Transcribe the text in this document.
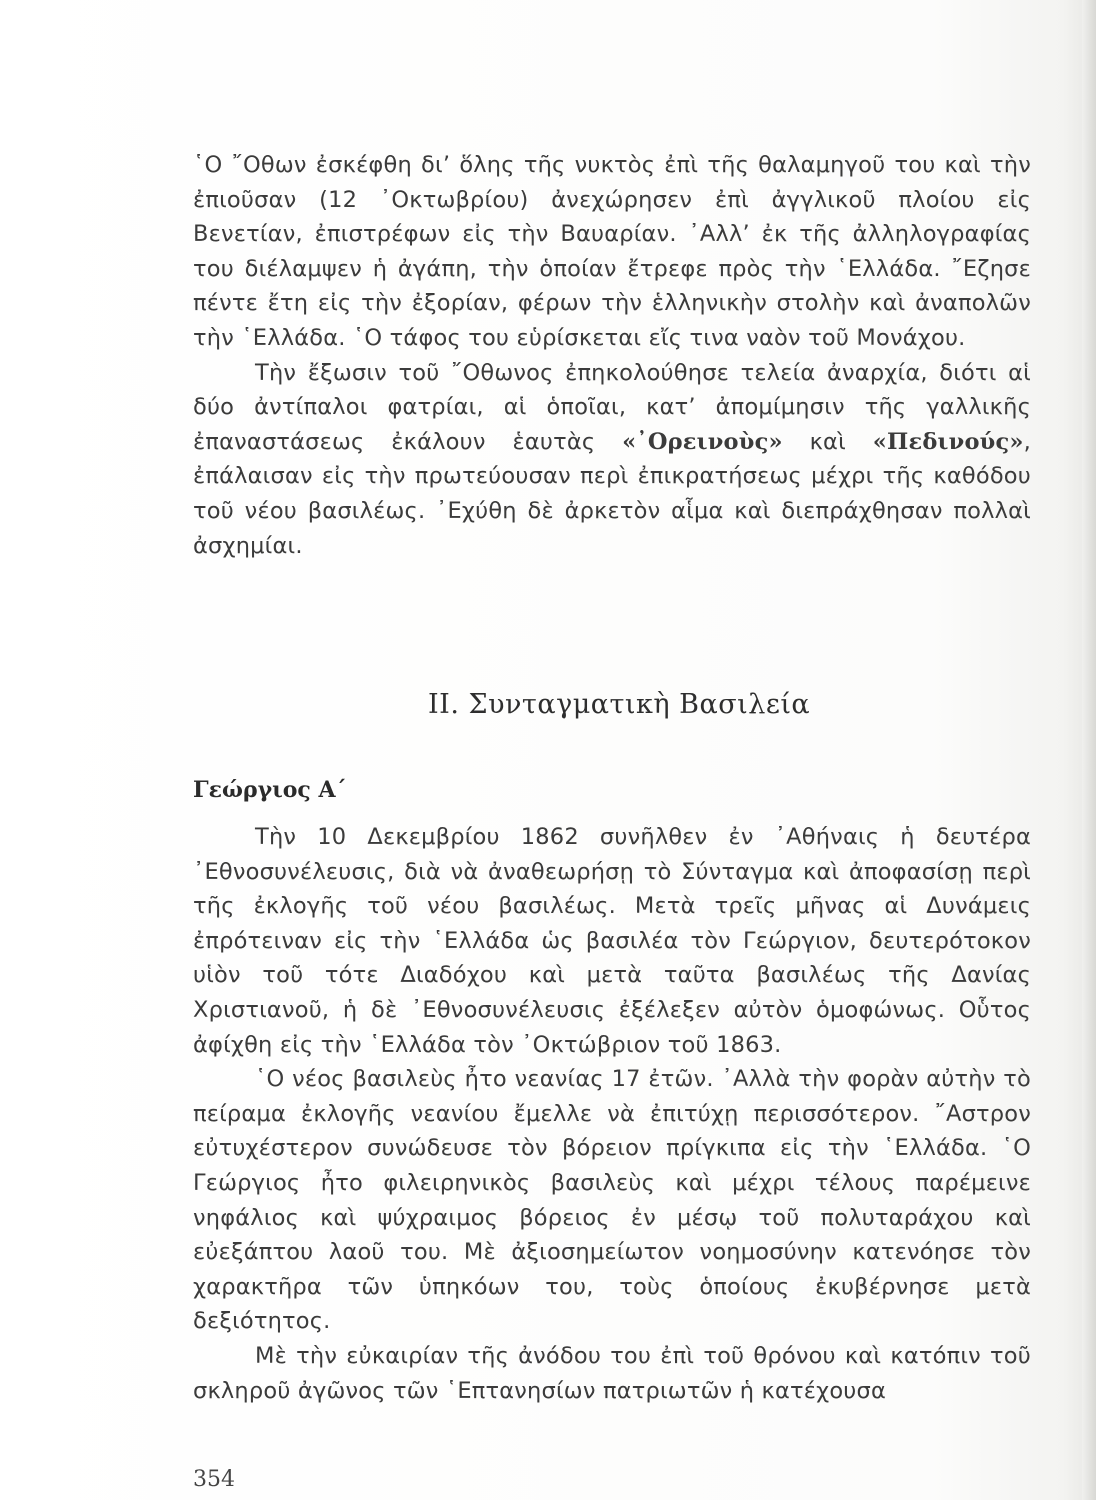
῾Ο ῎Οθων ἐσκέφθη δι’ ὅλης τῆς νυκτὸς ἐπὶ τῆς θαλαμηγοῦ του καὶ τὴν ἐπιοῦσαν (12 ᾿Οκτωβρίου) ἀνεχώρησεν ἐπὶ ἀγγλικοῦ πλοίου εἰς Βενετίαν, ἐπιστρέφων εἰς τὴν Βαυαρίαν. ᾿Αλλ’ ἐκ τῆς ἀλληλογραφίας του διέλαμψεν ἡ ἀγάπη, τὴν ὁποίαν ἔτρεφε πρὸς τὴν ῾Ελλάδα. ῎Εζησε πέντε ἔτη εἰς τὴν ἐξορίαν, φέρων τὴν ἑλληνικὴν στολὴν καὶ ἀναπολῶν τὴν ῾Ελλάδα. ῾Ο τάφος του εὑρίσκεται εἴς τινα ναὸν τοῦ Μονάχου.

Τὴν ἔξωσιν τοῦ ῎Οθωνος ἐπηκολούθησε τελεία ἀναρχία, διότι αἱ δύο ἀντίπαλοι φατρίαι, αἱ ὁποῖαι, κατ’ ἀπομίμησιν τῆς γαλλικῆς ἐπαναστάσεως ἐκάλουν ἑαυτὰς «᾿Ορεινοὺς» καὶ «Πεδινούς», ἐπάλαισαν εἰς τὴν πρωτεύουσαν περὶ ἐπικρατήσεως μέχρι τῆς καθόδου τοῦ νέου βασιλέως. ᾿Εχύθη δὲ ἀρκετὸν αἷμα καὶ διεπράχθησαν πολλαὶ ἀσχημίαι.

II. Συνταγματικὴ Βασιλεία
Γεώργιος Α΄

Τὴν 10 Δεκεμβρίου 1862 συνῆλθεν ἐν ᾿Αθήναις ἡ δευτέρα ᾿Εθνοσυνέλευσις, διὰ νὰ ἀναθεωρήσῃ τὸ Σύνταγμα καὶ ἀποφασίσῃ περὶ τῆς ἐκλογῆς τοῦ νέου βασιλέως. Μετὰ τρεῖς μῆνας αἱ Δυνάμεις ἐπρότειναν εἰς τὴν ῾Ελλάδα ὡς βασιλέα τὸν Γεώργιον, δευτερότοκον υἱὸν τοῦ τότε Διαδόχου καὶ μετὰ ταῦτα βασιλέως τῆς Δανίας Χριστιανοῦ, ἡ δὲ ᾿Εθνοσυνέλευσις ἐξέλεξεν αὐτὸν ὁμοφώνως. Οὗτος ἀφίχθη εἰς τὴν ῾Ελλάδα τὸν ᾿Οκτώβριον τοῦ 1863.

῾Ο νέος βασιλεὺς ἦτο νεανίας 17 ἐτῶν. ᾿Αλλὰ τὴν φορὰν αὐτὴν τὸ πείραμα ἐκλογῆς νεανίου ἔμελλε νὰ ἐπιτύχῃ περισσότερον. ῎Αστρον εὐτυχέστερον συνώδευσε τὸν βόρειον πρίγκιπα εἰς τὴν ῾Ελλάδα. ῾Ο Γεώργιος ἦτο φιλειρηνικὸς βασιλεὺς καὶ μέχρι τέλους παρέμεινε νηφάλιος καὶ ψύχραιμος βόρειος ἐν μέσῳ τοῦ πολυταράχου καὶ εὐεξάπτου λαοῦ του. Μὲ ἀξιοσημείωτον νοημοσύνην κατενόησε τὸν χαρακτῆρα τῶν ὑπηκόων του, τοὺς ὁποίους ἐκυβέρνησε μετὰ δεξιότητος.

Μὲ τὴν εὐκαιρίαν τῆς ἀνόδου του ἐπὶ τοῦ θρόνου καὶ κατόπιν τοῦ σκληροῦ ἀγῶνος τῶν ῾Επτανησίων πατριωτῶν ἡ κατέχουσα

354
